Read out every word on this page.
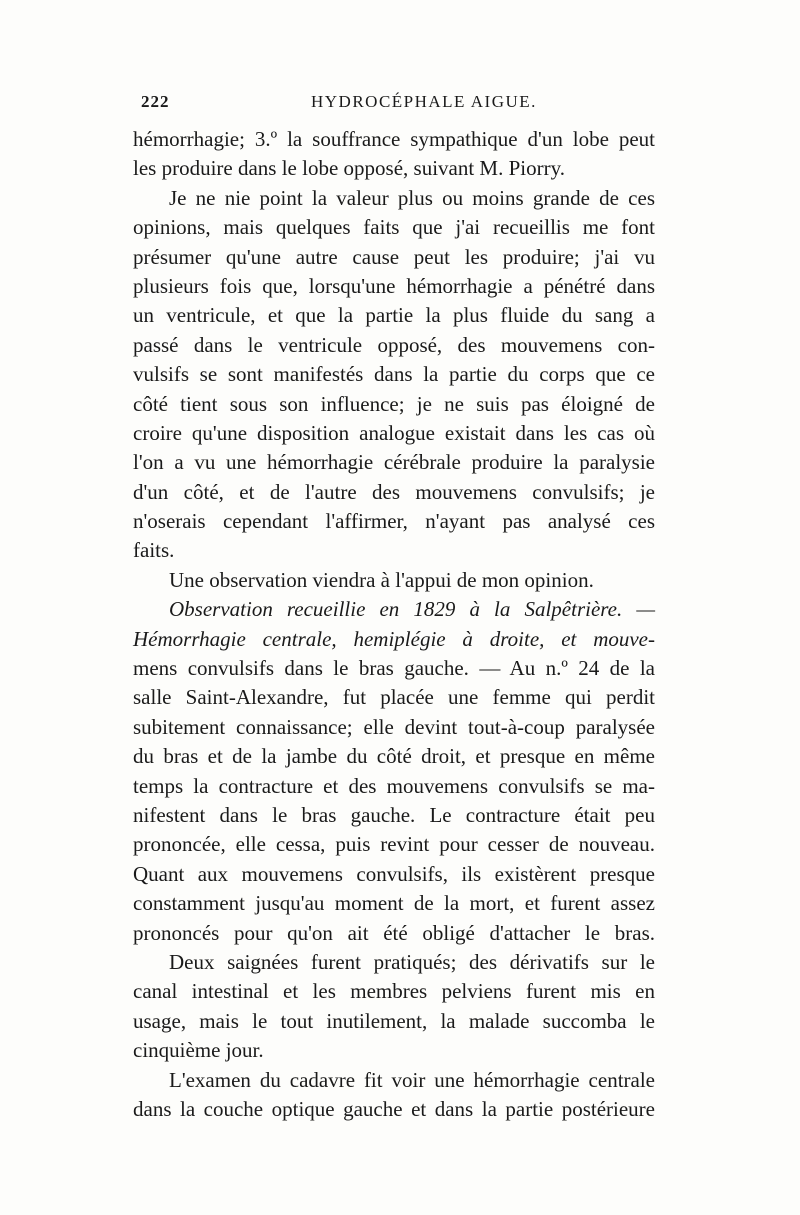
222	HYDROCÉPHALE AIGUE.
hémorrhagie; 3.º la souffrance sympathique d'un lobe peut
les produire dans le lobe opposé, suivant M. Piorry.
Je ne nie point la valeur plus ou moins grande de ces
opinions, mais quelques faits que j'ai recueillis me font
présumer qu'une autre cause peut les produire; j'ai vu
plusieurs fois que, lorsqu'une hémorrhagie a pénétré dans
un ventricule, et que la partie la plus fluide du sang a
passé dans le ventricule opposé, des mouvemens con-
vulsifs se sont manifestés dans la partie du corps que ce
côté tient sous son influence; je ne suis pas éloigné de
croire qu'une disposition analogue existait dans les cas où
l'on a vu une hémorrhagie cérébrale produire la paralysie
d'un côté, et de l'autre des mouvemens convulsifs; je
n'oserais cependant l'affirmer, n'ayant pas analysé ces
faits.
Une observation viendra à l'appui de mon opinion.
Observation recueillie en 1829 à la Salpêtrière. —
Hémorrhagie centrale, hemiplégie à droite, et mouve-
mens convulsifs dans le bras gauche. — Au n.º 24 de la
salle Saint-Alexandre, fut placée une femme qui perdit
subitement connaissance; elle devint tout-à-coup paralysée
du bras et de la jambe du côté droit, et presque en même
temps la contracture et des mouvemens convulsifs se ma-
nifestent dans le bras gauche. Le contracture était peu
prononcée, elle cessa, puis revint pour cesser de nouveau.
Quant aux mouvemens convulsifs, ils existèrent presque
constamment jusqu'au moment de la mort, et furent assez
prononcés pour qu'on ait été obligé d'attacher le bras.
Deux saignées furent pratiqués; des dérivatifs sur le
canal intestinal et les membres pelviens furent mis en
usage, mais le tout inutilement, la malade succomba le
cinquième jour.
L'examen du cadavre fit voir une hémorrhagie centrale
dans la couche optique gauche et dans la partie postérieure
